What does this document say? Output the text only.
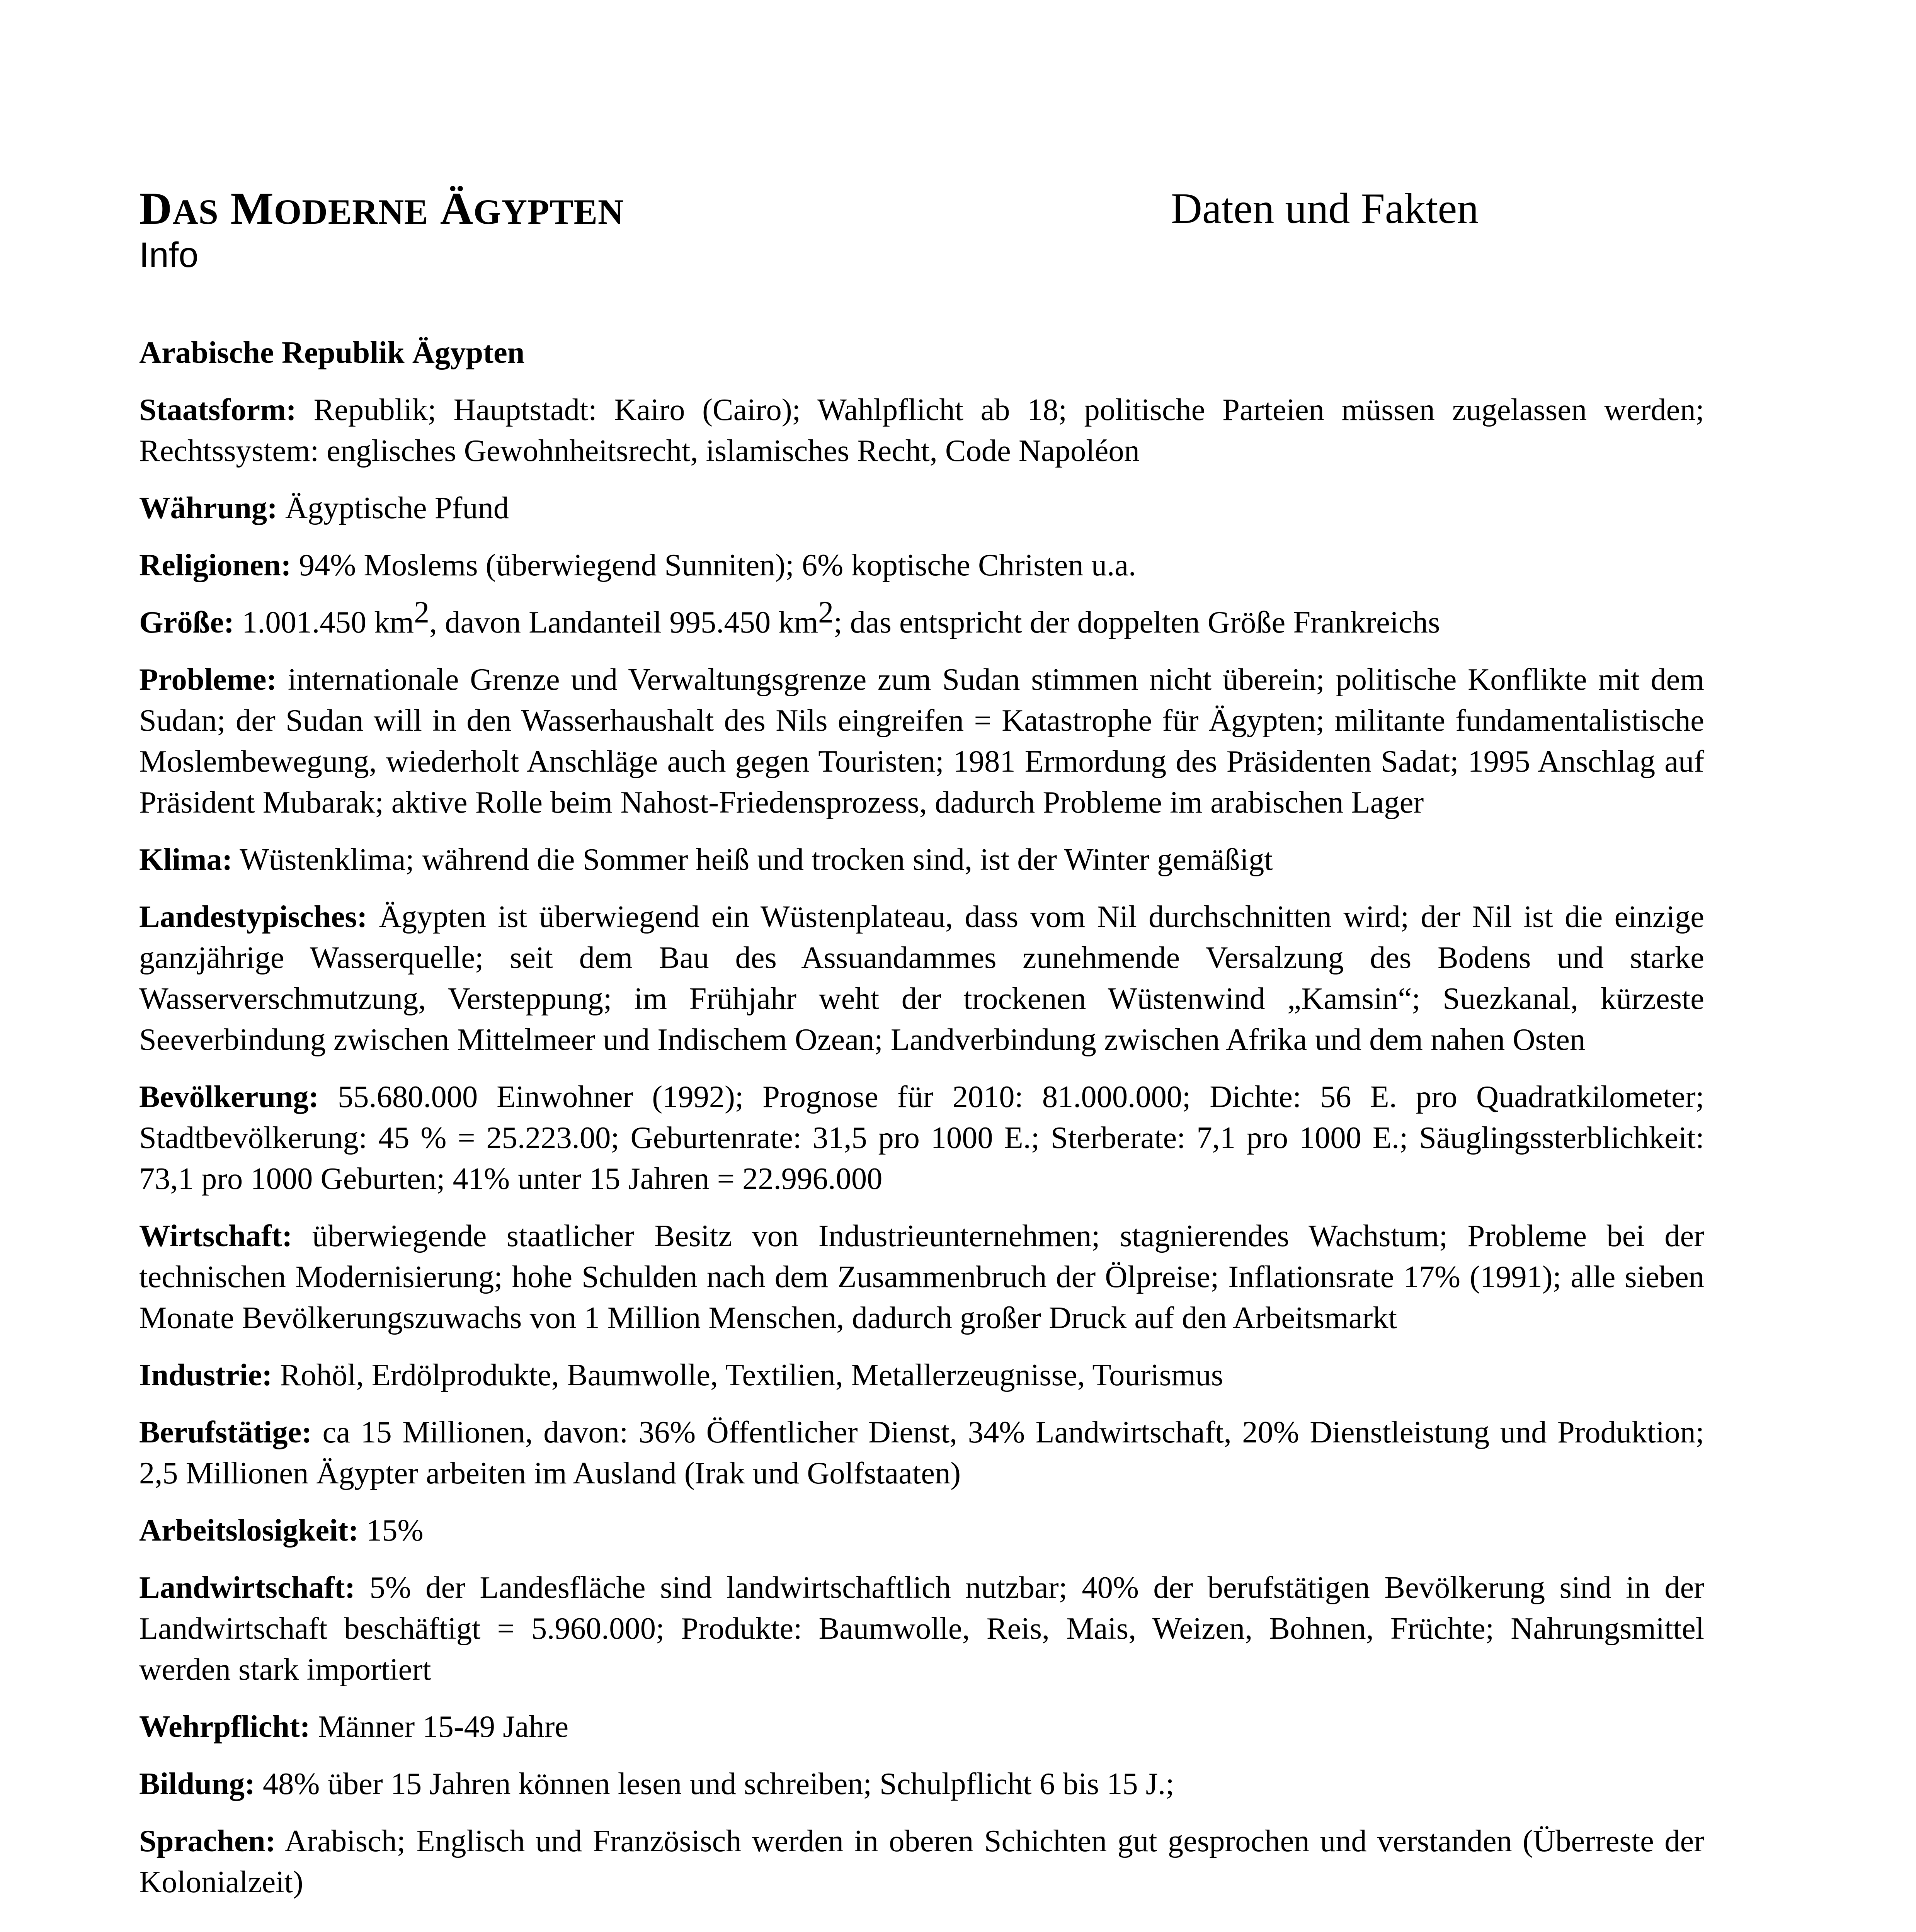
DAS MODERNE ÄGYPTEN	Daten und Fakten
Info

Arabische Republik Ägypten

Staatsform: Republik; Hauptstadt: Kairo (Cairo); Wahlpflicht ab 18; politische Parteien müssen zugelassen werden; Rechtssystem: englisches Gewohnheitsrecht, islamisches Recht, Code Napoléon

Währung: Ägyptische Pfund

Religionen: 94% Moslems (überwiegend Sunniten); 6% koptische Christen u.a.

Größe: 1.001.450 $km^2$, davon Landanteil 995.450 $km^2$; das entspricht der doppelten Größe Frankreichs

Probleme: internationale Grenze und Verwaltungsgrenze zum Sudan stimmen nicht überein; politische Konflikte mit dem Sudan; der Sudan will in den Wasserhaushalt des Nils eingreifen = Katastrophe für Ägypten; militante fundamentalistische Moslembewegung, wiederholt Anschläge auch gegen Touristen; 1981 Ermordung des Präsidenten Sadat; 1995 Anschlag auf Präsident Mubarak; aktive Rolle beim Nahost-Friedensprozess, dadurch Probleme im arabischen Lager

Klima: Wüstenklima; während die Sommer heiß und trocken sind, ist der Winter gemäßigt

Landestypisches: Ägypten ist überwiegend ein Wüstenplateau, dass vom Nil durchschnitten wird; der Nil ist die einzige ganzjährige Wasserquelle; seit dem Bau des Assuandammes zunehmende Versalzung des Bodens und starke Wasserverschmutzung, Versteppung; im Frühjahr weht der trockenen Wüstenwind „Kamsin“; Suezkanal, kürzeste Seeverbindung zwischen Mittelmeer und Indischem Ozean; Landverbindung zwischen Afrika und dem nahen Osten

Bevölkerung: 55.680.000 Einwohner (1992); Prognose für 2010: 81.000.000; Dichte: 56 E. pro Quadratkilometer; Stadtbevölkerung: 45 % = 25.223.00; Geburtenrate: 31,5 pro 1000 E.; Sterberate: 7,1 pro 1000 E.; Säuglingssterblichkeit: 73,1 pro 1000 Geburten; 41% unter 15 Jahren = 22.996.000

Wirtschaft: überwiegende staatlicher Besitz von Industrieunternehmen; stagnierendes Wachstum; Probleme bei der technischen Modernisierung; hohe Schulden nach dem Zusammenbruch der Ölpreise; Inflationsrate 17% (1991); alle sieben Monate Bevölkerungszuwachs von 1 Million Menschen, dadurch großer Druck auf den Arbeitsmarkt

Industrie: Rohöl, Erdölprodukte, Baumwolle, Textilien, Metallerzeugnisse, Tourismus

Berufstätige: ca 15 Millionen, davon: 36% Öffentlicher Dienst, 34% Landwirtschaft, 20% Dienstleistung und Produktion; 2,5 Millionen Ägypter arbeiten im Ausland (Irak und Golfstaaten)

Arbeitslosigkeit: 15%

Landwirtschaft: 5% der Landesfläche sind landwirtschaftlich nutzbar; 40% der berufstätigen Bevölkerung sind in der Landwirtschaft beschäftigt = 5.960.000; Produkte: Baumwolle, Reis, Mais, Weizen, Bohnen, Früchte; Nahrungsmittel werden stark importiert

Wehrpflicht: Männer 15-49 Jahre

Bildung: 48% über 15 Jahren können lesen und schreiben; Schulpflicht 6 bis 15 J.;

Sprachen: Arabisch; Englisch und Französisch werden in oberen Schichten gut gesprochen und verstanden (Überreste der Kolonialzeit)
